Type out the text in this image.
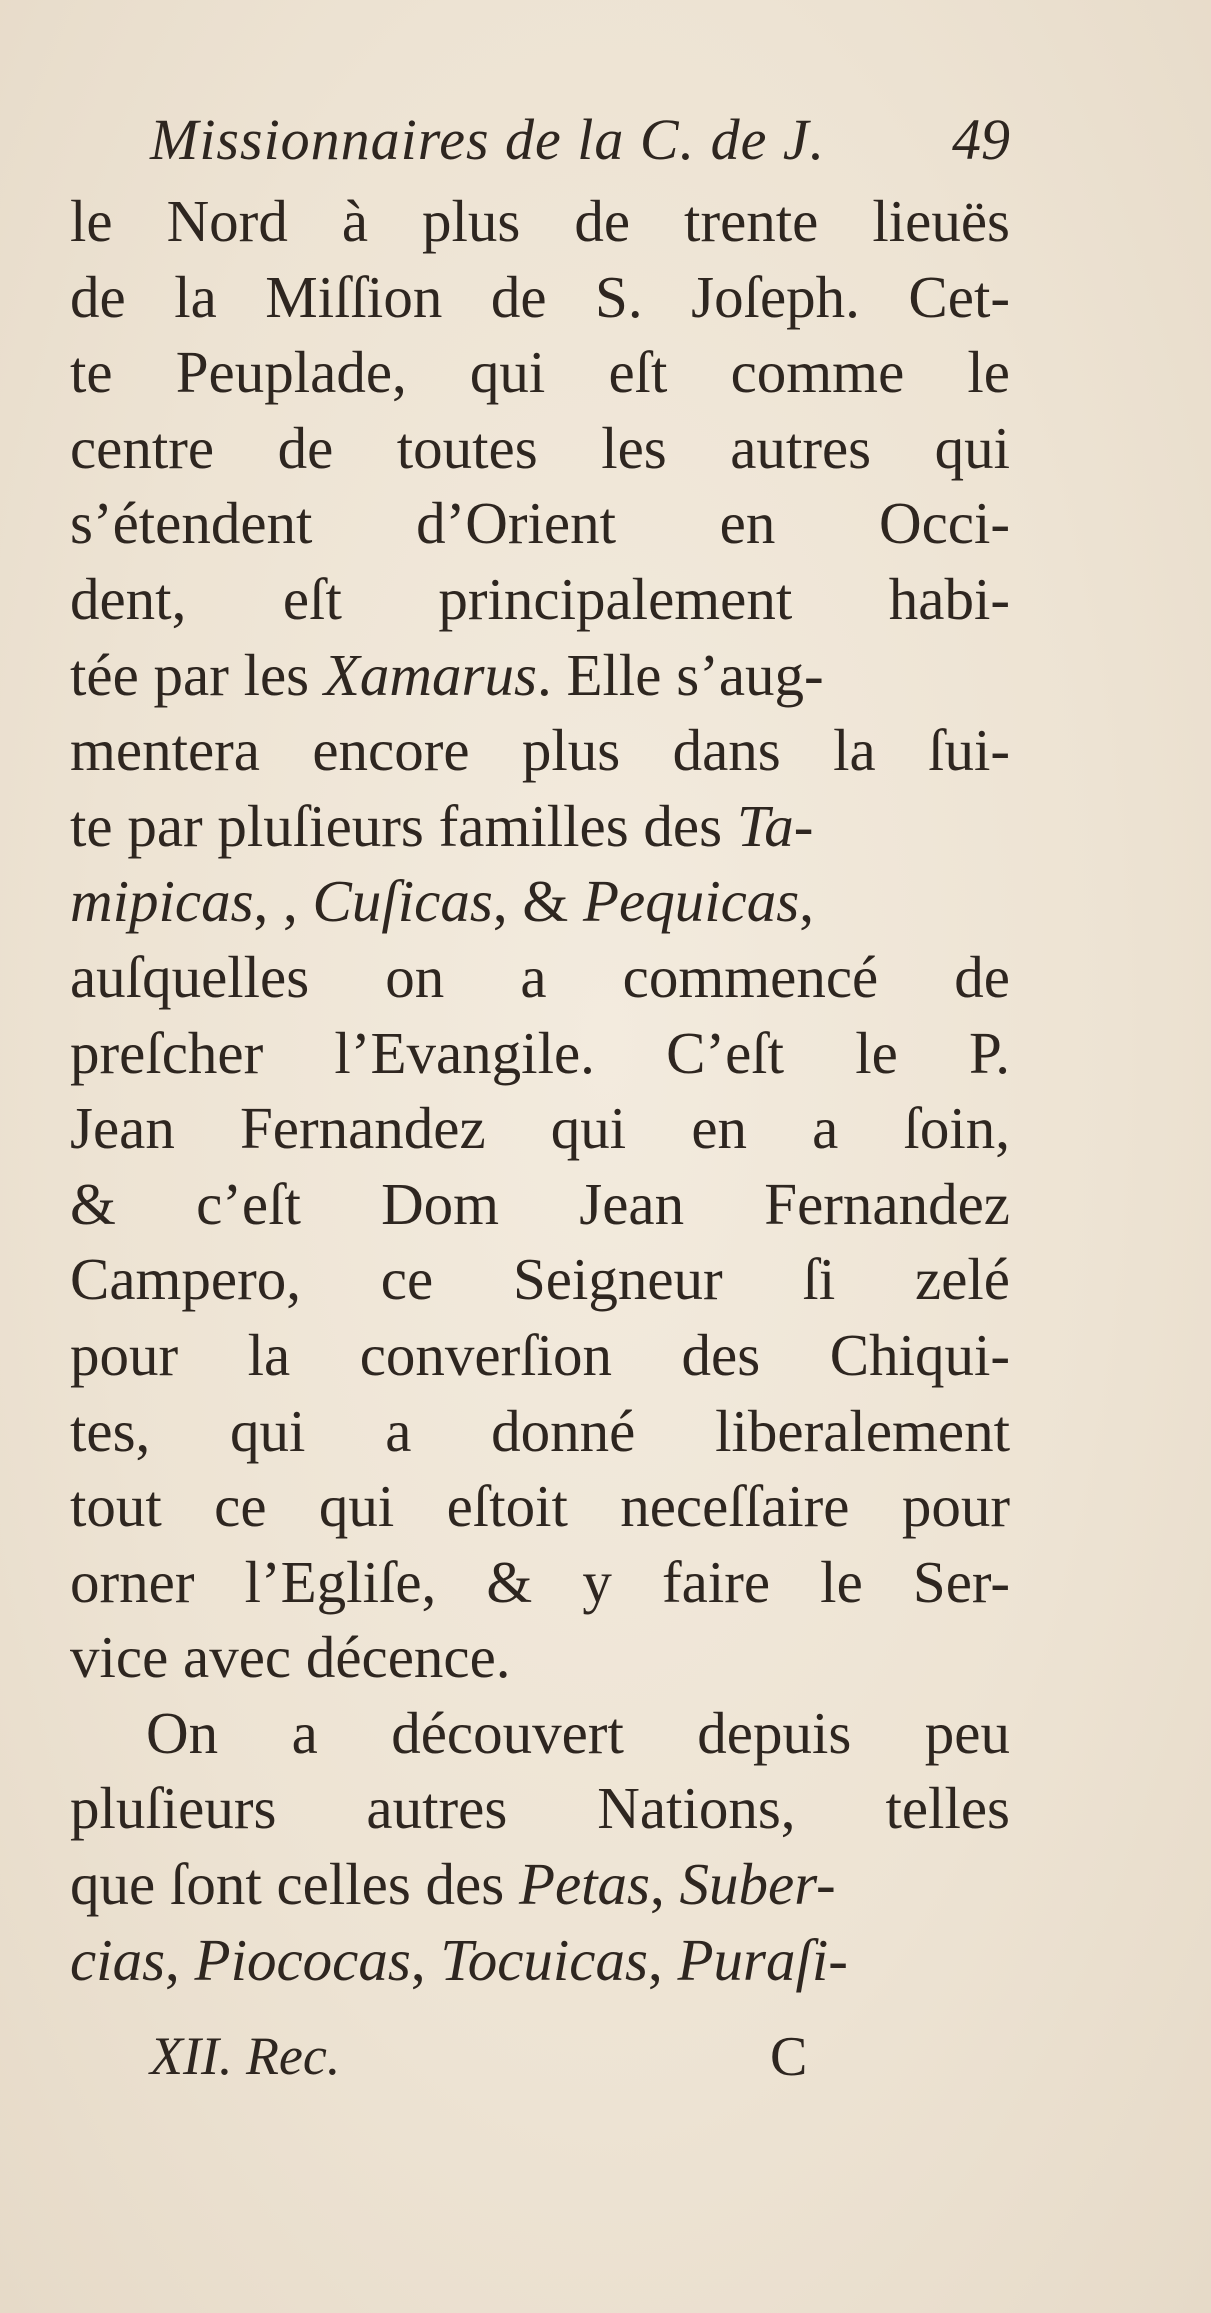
Missionnaires de la C. de J. 49
le Nord à plus de trente lieuës
de la Miſſion de S. Joſeph. Cet-
te Peuplade, qui eſt comme le
centre de toutes les autres qui
s’étendent d’Orient en Occi-
dent, eſt principalement habi-
tée par les Xamarus. Elle s’aug-
mentera encore plus dans la ſui-
te par pluſieurs familles des Ta-
mipicas, , Cuſicas, & Pequicas,
auſquelles on a commencé de
preſcher l’Evangile. C’eſt le P.
Jean Fernandez qui en a ſoin,
& c’eſt Dom Jean Fernandez
Campero, ce Seigneur ſi zelé
pour la converſion des Chiqui-
tes, qui a donné liberalement
tout ce qui eſtoit neceſſaire pour
orner l’Egliſe, & y faire le Ser-
vice avec décence.
On a découvert depuis peu
pluſieurs autres Nations, telles
que ſont celles des Petas, Suber-
cias, Piococas, Tocuicas, Puraſi-
XII. Rec.	C
